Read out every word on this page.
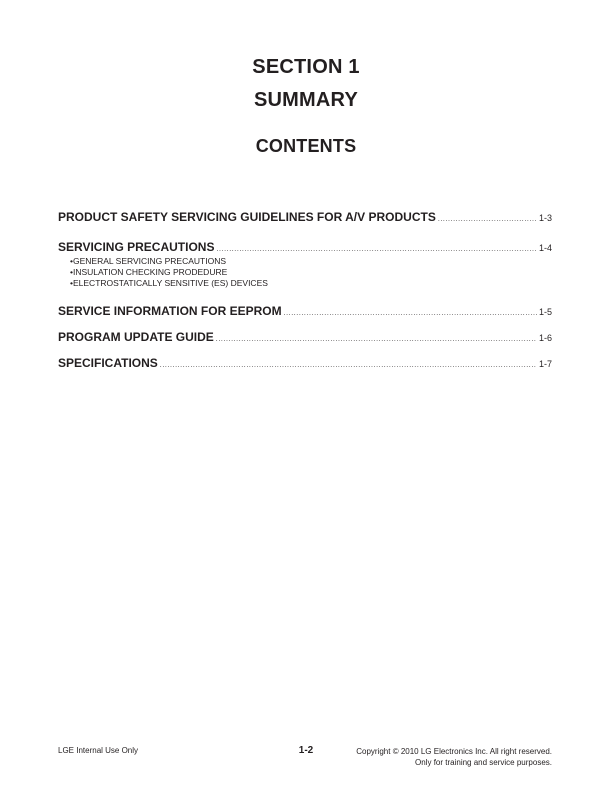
SECTION 1
SUMMARY
CONTENTS
PRODUCT SAFETY SERVICING GUIDELINES FOR A/V PRODUCTS .....	1-3
SERVICING PRECAUTIONS .....	1-4
• GENERAL SERVICING PRECAUTIONS
• INSULATION CHECKING PRODEDURE
• ELECTROSTATICALLY SENSITIVE (ES) DEVICES
SERVICE INFORMATION FOR EEPROM .....	1-5
PROGRAM UPDATE GUIDE .....	1-6
SPECIFICATIONS .....	1-7
LGE Internal Use Only	1-2	Copyright © 2010 LG Electronics Inc. All right reserved.
Only for training and service purposes.
